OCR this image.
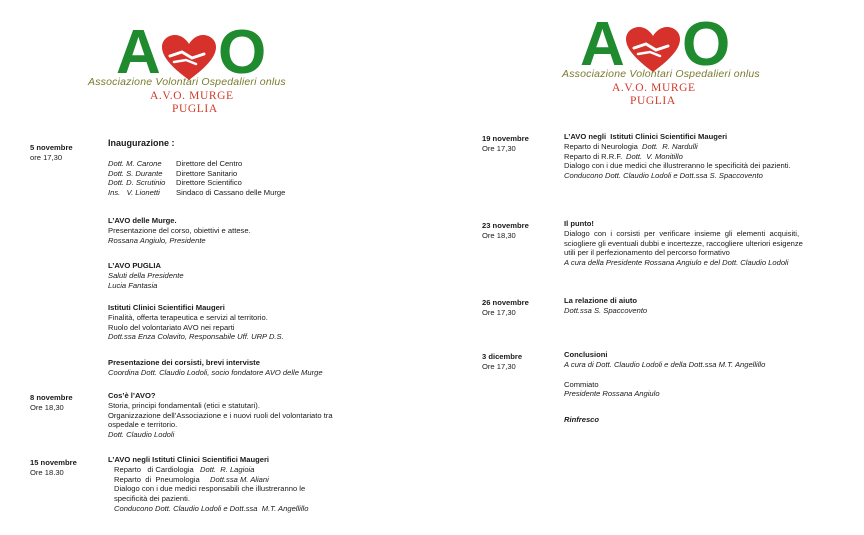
A O
Associazione Volontari Ospedalieri onlus
A.V.O. MURGE
PUGLIA

5 novembre

ore 17,30

Inaugurazione :

Dott. M. Carone Direttore del Centro

Dott. S. Durante Direttore Sanitario

Dott. D. Scrutinio Direttore Scientifico

Ins.   V. Lionetti Sindaco di Cassano delle Murge

L’AVO delle Murge.

Presentazione del corso, obiettivi e attese.

Rossana Angiulo, Presidente

L’AVO PUGLIA

Saluti della Presidente

Lucia Fantasia

Istituti Clinici Scientifici Maugeri

Finalità, offerta terapeutica e servizi al territorio.

Ruolo del volontariato AVO nei reparti

Dott.ssa Enza Colavito, Responsabile Uff. URP D.S.

Presentazione dei corsisti, brevi interviste

Coordina Dott. Claudio Lodoli, socio fondatore AVO delle Murge

8 novembre

Ore 18,30

Cos’è l’AVO?

Storia, principi fondamentali (etici e statutari).

Organizzazione dell’Associazione e i nuovi ruoli del volontariato tra

ospedale e territorio.

Dott. Claudio Lodoli

15 novembre

Ore 18.30

L’AVO negli Istituti Clinici Scientifici Maugeri

Reparto   di Cardiologia Dott.  R. Lagioia

Reparto  di  Pneumologia Dott.ssa M. Aliani

Dialogo con i due medici responsabili che illustreranno le

specificità dei pazienti.

Conducono Dott. Claudio Lodoli e Dott.ssa  M.T. Angellillo

A O
Associazione Volontari Ospedalieri onlus
A.V.O. MURGE
PUGLIA

19 novembre

Ore 17,30

L’AVO negli  Istituti Clinici Scientifici Maugeri

Reparto di Neurologia Dott.  R. Nardulli

Reparto di R.R.F. Dott.  V. Monitillo

Dialogo con i due medici che illustreranno le specificità dei pazienti.

Conducono Dott. Claudio Lodoli e Dott.ssa S. Spaccovento

23 novembre

Ore 18,30

Il punto!

Dialogo  con  i  corsisti  per  verificare  insieme  gli  elementi  acquisiti,

sciogliere gli eventuali dubbi e incertezze, raccogliere ulteriori esigenze

utili per il perfezionamento del percorso formativo

A cura della Presidente Rossana Angiulo e del Dott. Claudio Lodoli

26 novembre

Ore 17,30

La relazione di aiuto

Dott.ssa S. Spaccovento

3 dicembre

Ore 17,30

Conclusioni

A cura di Dott. Claudio Lodoli e della Dott.ssa M.T. Angellillo

Commiato

Presidente Rossana Angiulo

Rinfresco
